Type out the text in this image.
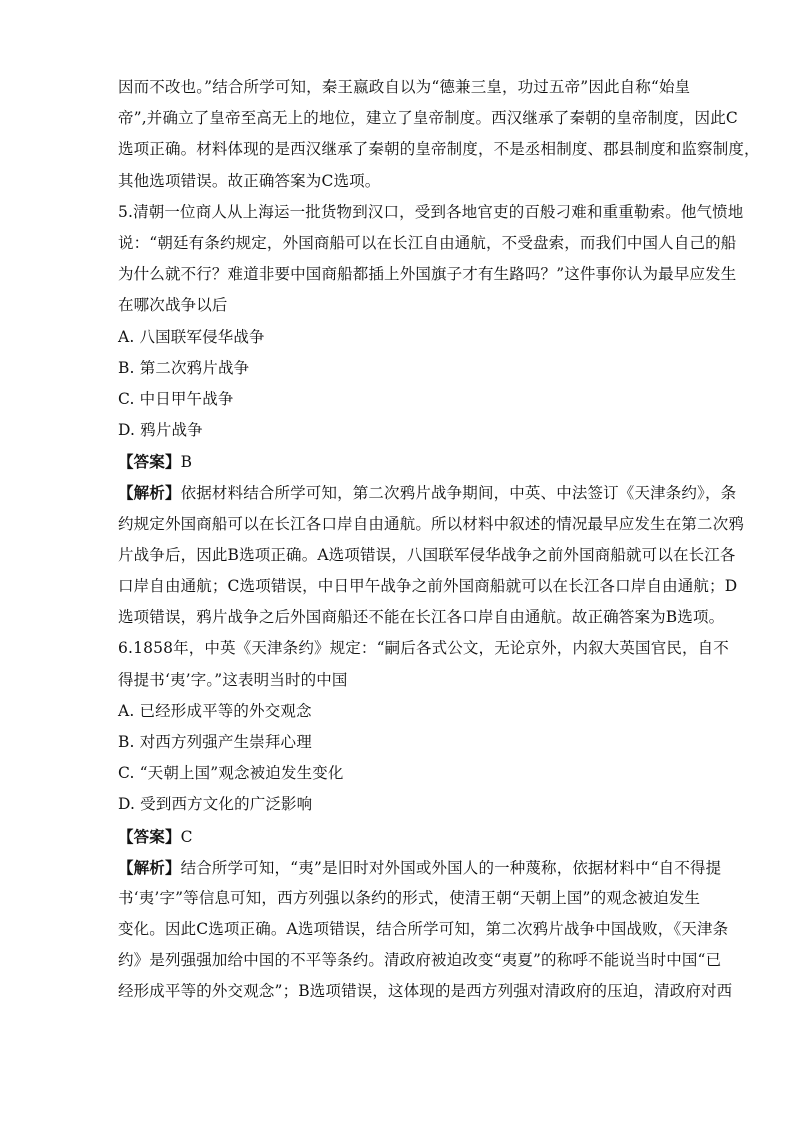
因而不改也。”结合所学可知，秦王嬴政自以为“德兼三皇，功过五帝”因此自称“始皇
帝”,并确立了皇帝至高无上的地位，建立了皇帝制度。西汉继承了秦朝的皇帝制度，因此C
选项正确。材料体现的是西汉继承了秦朝的皇帝制度，不是丞相制度、郡县制度和监察制度，
其他选项错误。故正确答案为C选项。
5.清朝一位商人从上海运一批货物到汉口，受到各地官吏的百般刁难和重重勒索。他气愤地
说：“朝廷有条约规定，外国商船可以在长江自由通航，不受盘索，而我们中国人自己的船
为什么就不行？难道非要中国商船都插上外国旗子才有生路吗？”这件事你认为最早应发生
在哪次战争以后
A. 八国联军侵华战争
B. 第二次鸦片战争
C. 中日甲午战争
D. 鸦片战争
【答案】B
【解析】依据材料结合所学可知，第二次鸦片战争期间，中英、中法签订《天津条约》，条
约规定外国商船可以在长江各口岸自由通航。所以材料中叙述的情况最早应发生在第二次鸦
片战争后，因此B选项正确。A选项错误，八国联军侵华战争之前外国商船就可以在长江各
口岸自由通航；C选项错误，中日甲午战争之前外国商船就可以在长江各口岸自由通航；D
选项错误，鸦片战争之后外国商船还不能在长江各口岸自由通航。故正确答案为B选项。
6.1858年，中英《天津条约》规定：“嗣后各式公文，无论京外，内叙大英国官民，自不
得提书‘夷’字。”这表明当时的中国
A. 已经形成平等的外交观念
B. 对西方列强产生崇拜心理
C. “天朝上国”观念被迫发生变化
D. 受到西方文化的广泛影响
【答案】C
【解析】结合所学可知，“夷”是旧时对外国或外国人的一种蔑称，依据材料中“自不得提
书‘夷’字”等信息可知，西方列强以条约的形式，使清王朝“天朝上国”的观念被迫发生
变化。因此C选项正确。A选项错误，结合所学可知，第二次鸦片战争中国战败，《天津条
约》是列强强加给中国的不平等条约。清政府被迫改变“夷夏”的称呼不能说当时中国“已
经形成平等的外交观念”；B选项错误，这体现的是西方列强对清政府的压迫，清政府对西
